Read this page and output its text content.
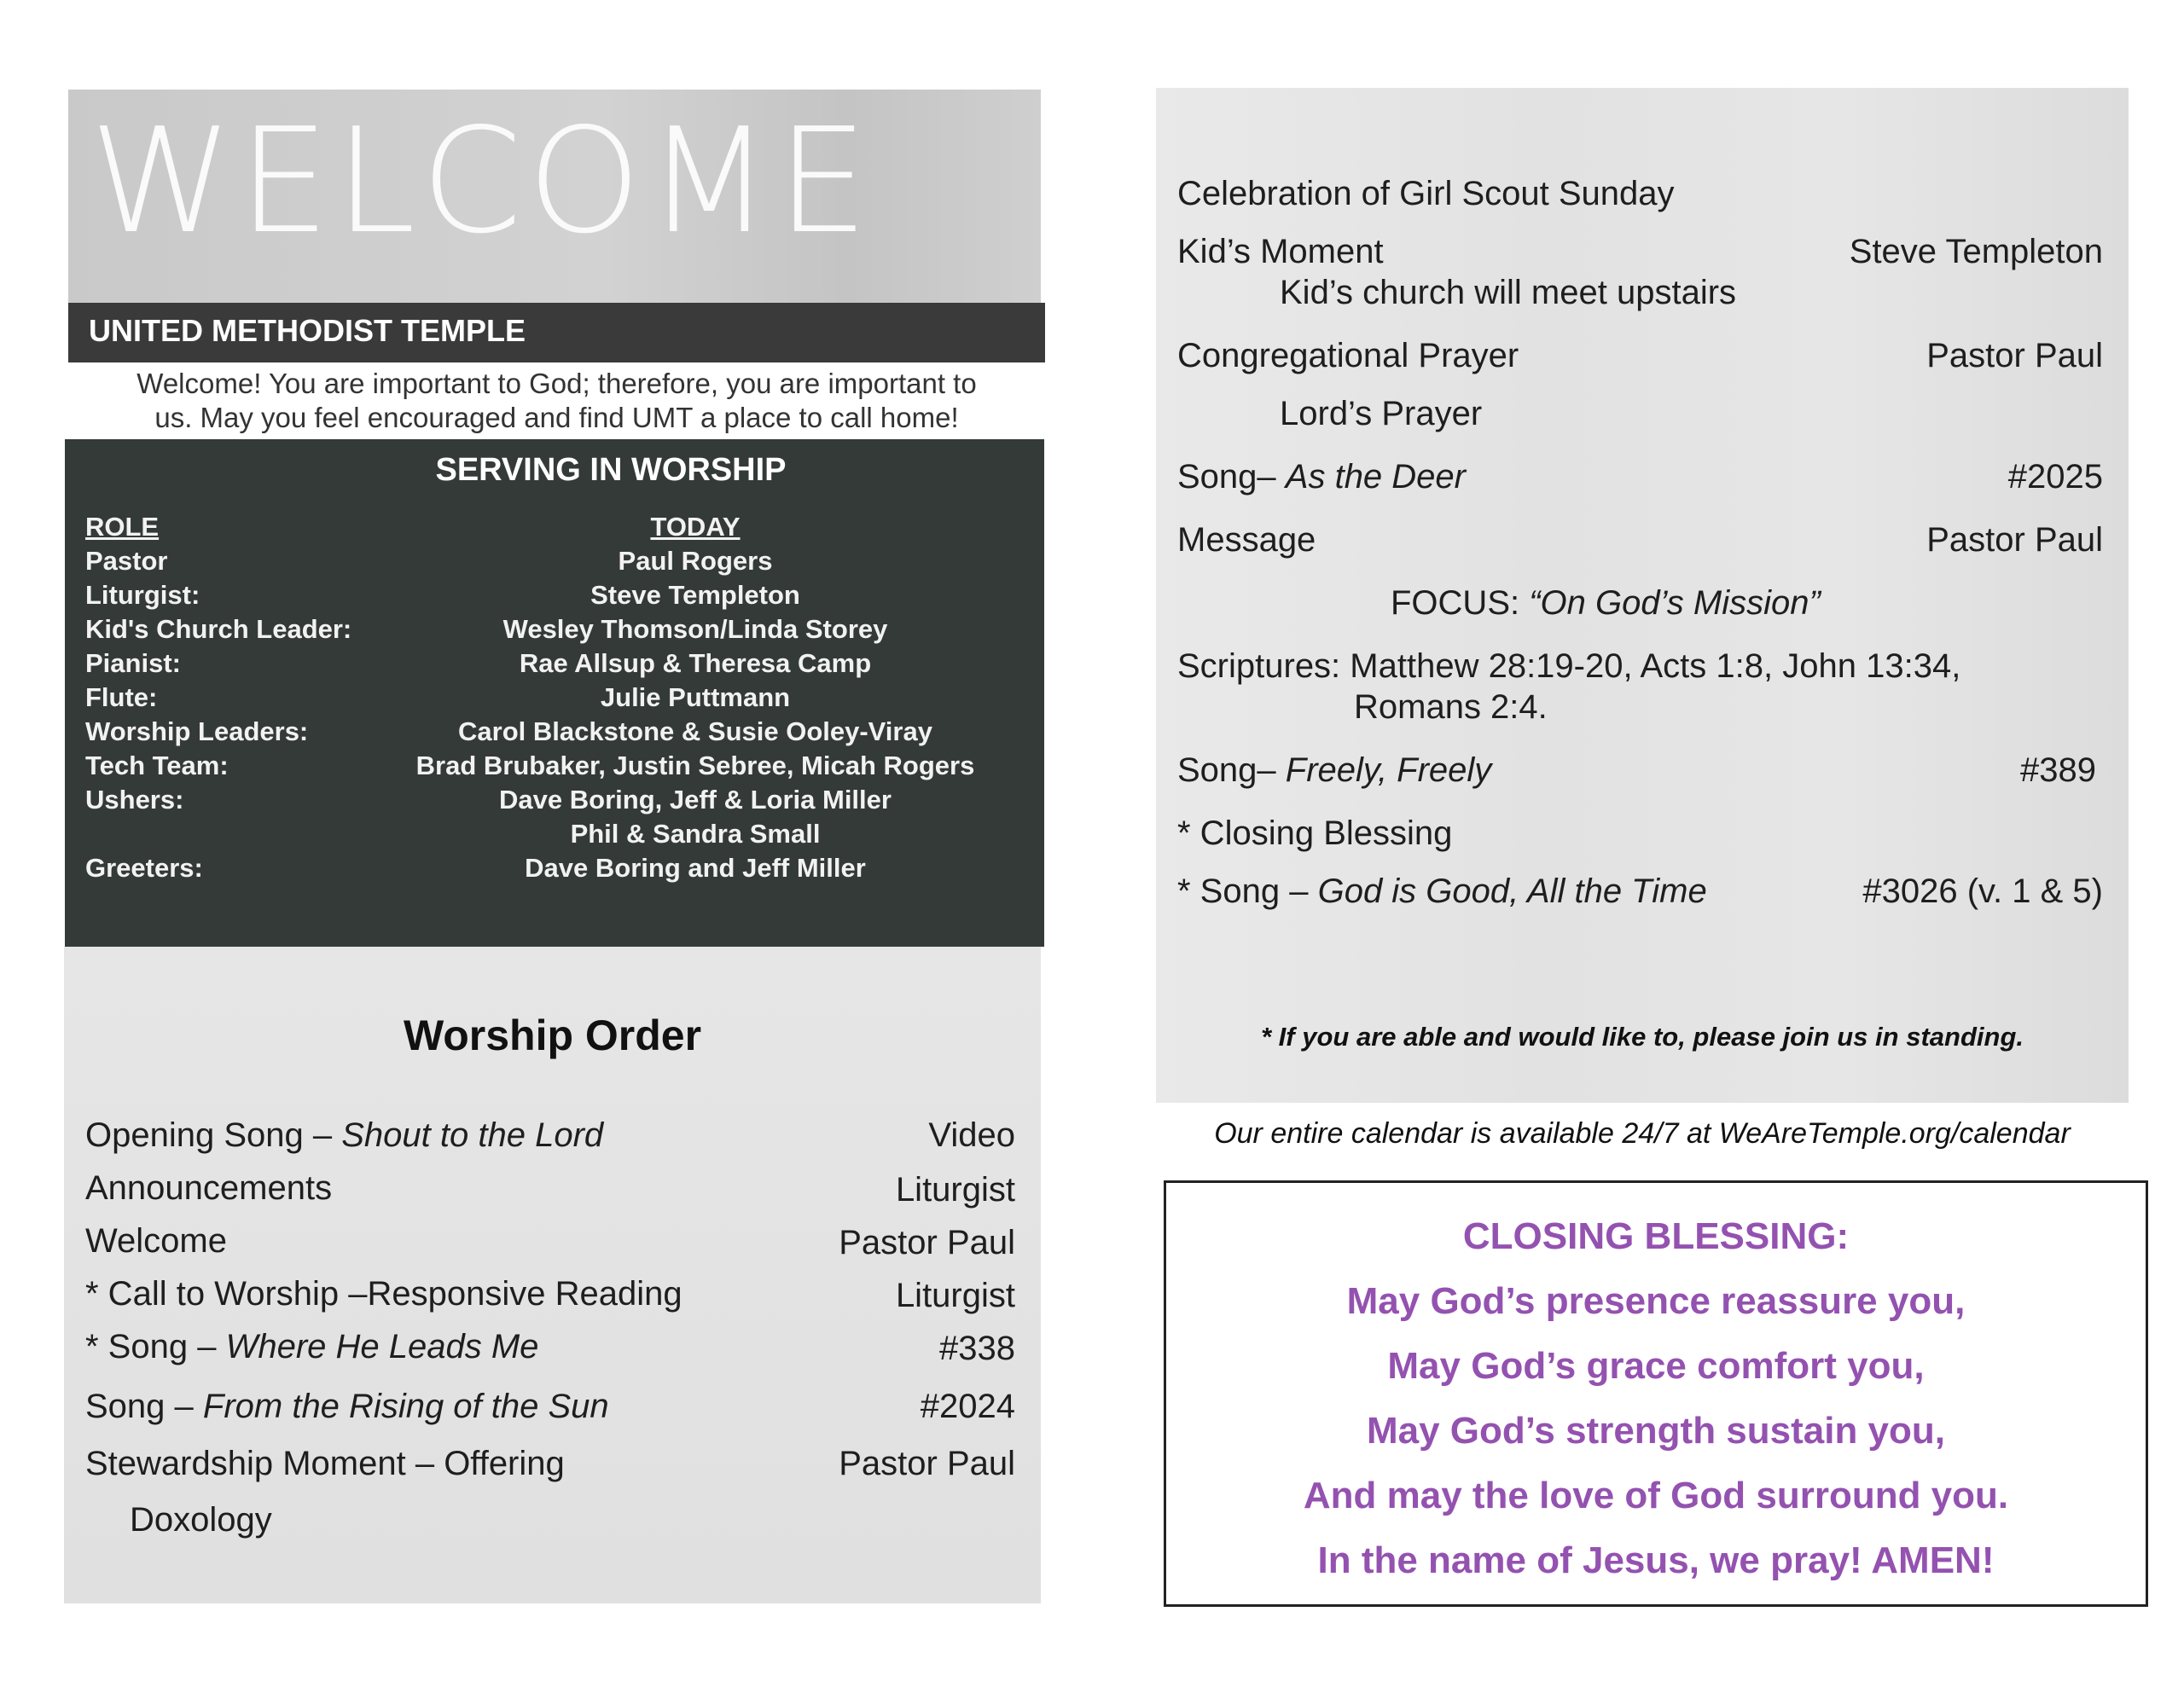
WELCOME
UNITED METHODIST TEMPLE
Welcome! You are important to God; therefore, you are important to
us. May you feel encouraged and find UMT a place to call home!
SERVING IN WORSHIP
ROLE	TODAY
Pastor	Paul Rogers
Liturgist:	Steve Templeton
Kid's Church Leader:	Wesley Thomson/Linda Storey
Pianist:	Rae Allsup & Theresa Camp
Flute:	Julie Puttmann
Worship Leaders:	Carol Blackstone & Susie Ooley-Viray
Tech Team:	Brad Brubaker, Justin Sebree, Micah Rogers
Ushers:	Dave Boring, Jeff & Loria Miller
Phil & Sandra Small
Greeters:	Dave Boring and Jeff Miller
Worship Order
Opening Song – Shout to the Lord	Video
Announcements	Liturgist
Welcome	Pastor Paul
* Call to Worship –Responsive Reading	Liturgist
* Song – Where He Leads Me	#338
Song – From the Rising of the Sun	#2024
Stewardship Moment – Offering	Pastor Paul
Doxology
Celebration of Girl Scout Sunday
Kid’s Moment	Steve Templeton
Kid’s church will meet upstairs
Congregational Prayer	Pastor Paul
Lord’s Prayer
Song– As the Deer	#2025
Message	Pastor Paul
FOCUS: “On God’s Mission”
Scriptures: Matthew 28:19-20, Acts 1:8, John 13:34,
Romans 2:4.
Song– Freely, Freely	#389
* Closing Blessing
* Song – God is Good, All the Time	#3026 (v. 1 & 5)
* If you are able and would like to, please join us in standing.
Our entire calendar is available 24/7 at WeAreTemple.org/calendar
CLOSING BLESSING:
May God’s presence reassure you,
May God’s grace comfort you,
May God’s strength sustain you,
And may the love of God surround you.
In the name of Jesus, we pray! AMEN!
